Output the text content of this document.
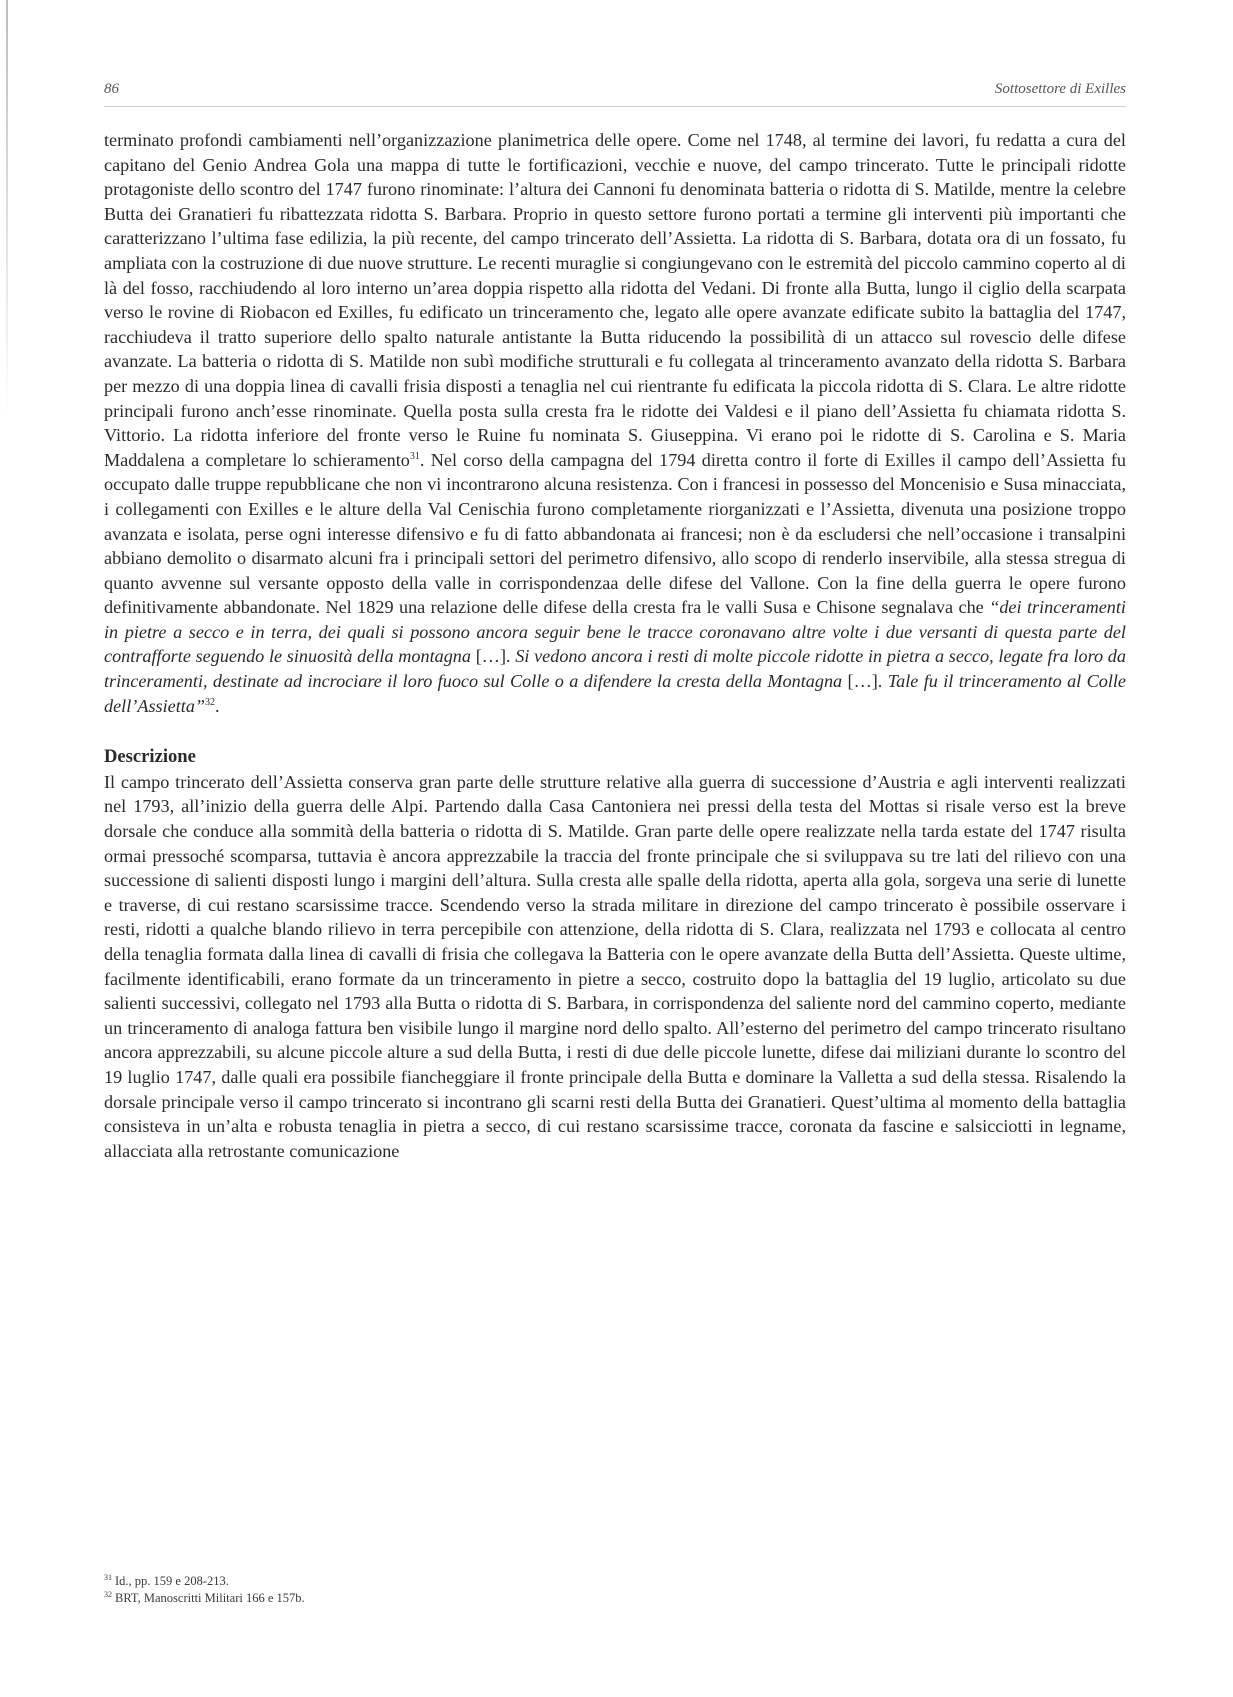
86	Sottosettore di Exilles

terminato profondi cambiamenti nell’organizzazione planimetrica delle opere. Come nel 1748, al termine dei lavori, fu redatta a cura del capitano del Genio Andrea Gola una mappa di tutte le fortificazioni, vecchie e nuove, del campo trincerato. Tutte le principali ridotte protagoniste dello scontro del 1747 furono rinominate: l’altura dei Cannoni fu denominata batteria o ridotta di S. Matilde, mentre la celebre Butta dei Granatieri fu ribattezzata ridotta S. Barbara. Proprio in questo settore furono portati a termine gli interventi più importanti che caratterizzano l’ultima fase edilizia, la più recente, del campo trincerato dell’Assietta. La ridotta di S. Barbara, dotata ora di un fossato, fu ampliata con la costruzione di due nuove strutture. Le recenti muraglie si congiungevano con le estremità del piccolo cammino coperto al di là del fosso, racchiudendo al loro interno un’area doppia rispetto alla ridotta del Vedani. Di fronte alla Butta, lungo il ciglio della scarpata verso le rovine di Riobacon ed Exilles, fu edificato un trinceramento che, legato alle opere avanzate edificate subito la battaglia del 1747, racchiudeva il tratto superiore dello spalto naturale antistante la Butta riducendo la possibilità di un attacco sul rovescio delle difese avanzate. La batteria o ridotta di S. Matilde non subì modifiche strutturali e fu collegata al trinceramento avanzato della ridotta S. Barbara per mezzo di una doppia linea di cavalli frisia disposti a tenaglia nel cui rientrante fu edificata la piccola ridotta di S. Clara. Le altre ridotte principali furono anch’esse rinominate. Quella posta sulla cresta fra le ridotte dei Valdesi e il piano dell’Assietta fu chiamata ridotta S. Vittorio. La ridotta inferiore del fronte verso le Ruine fu nominata S. Giuseppina. Vi erano poi le ridotte di S. Carolina e S. Maria Maddalena a completare lo schieramento$^{31}$. Nel corso della campagna del 1794 diretta contro il forte di Exilles il campo dell’Assietta fu occupato dalle truppe repubblicane che non vi incontrarono alcuna resistenza. Con i francesi in possesso del Moncenisio e Susa minacciata, i collegamenti con Exilles e le alture della Val Cenischia furono completamente riorganizzati e l’Assietta, divenuta una posizione troppo avanzata e isolata, perse ogni interesse difensivo e fu di fatto abbandonata ai francesi; non è da escludersi che nell’occasione i transalpini abbiano demolito o disarmato alcuni fra i principali settori del perimetro difensivo, allo scopo di renderlo inservibile, alla stessa stregua di quanto avvenne sul versante opposto della valle in corrispondenzaa delle difese del Vallone. Con la fine della guerra le opere furono definitivamente abbandonate. Nel 1829 una relazione delle difese della cresta fra le valli Susa e Chisone segnalava che “dei trinceramenti in pietre a secco e in terra, dei quali si possono ancora seguir bene le tracce coronavano altre volte i due versanti di questa parte del contrafforte seguendo le sinuosità della montagna […]. Si vedono ancora i resti di molte piccole ridotte in pietra a secco, legate fra loro da trinceramenti, destinate ad incrociare il loro fuoco sul Colle o a difendere la cresta della Montagna […]. Tale fu il trinceramento al Colle dell’Assietta”$^{32}$.

Descrizione

Il campo trincerato dell’Assietta conserva gran parte delle strutture relative alla guerra di successione d’Austria e agli interventi realizzati nel 1793, all’inizio della guerra delle Alpi. Partendo dalla Casa Cantoniera nei pressi della testa del Mottas si risale verso est la breve dorsale che conduce alla sommità della batteria o ridotta di S. Matilde. Gran parte delle opere realizzate nella tarda estate del 1747 risulta ormai pressoché scomparsa, tuttavia è ancora apprezzabile la traccia del fronte principale che si sviluppava su tre lati del rilievo con una successione di salienti disposti lungo i margini dell’altura. Sulla cresta alle spalle della ridotta, aperta alla gola, sorgeva una serie di lunette e traverse, di cui restano scarsissime tracce. Scendendo verso la strada militare in direzione del campo trincerato è possibile osservare i resti, ridotti a qualche blando rilievo in terra percepibile con attenzione, della ridotta di S. Clara, realizzata nel 1793 e collocata al centro della tenaglia formata dalla linea di cavalli di frisia che collegava la Batteria con le opere avanzate della Butta dell’Assietta. Queste ultime, facilmente identificabili, erano formate da un trinceramento in pietre a secco, costruito dopo la battaglia del 19 luglio, articolato su due salienti successivi, collegato nel 1793 alla Butta o ridotta di S. Barbara, in corrispondenza del saliente nord del cammino coperto, mediante un trinceramento di analoga fattura ben visibile lungo il margine nord dello spalto. All’esterno del perimetro del campo trincerato risultano ancora apprezzabili, su alcune piccole alture a sud della Butta, i resti di due delle piccole lunette, difese dai miliziani durante lo scontro del 19 luglio 1747, dalle quali era possibile fiancheggiare il fronte principale della Butta e dominare la Valletta a sud della stessa. Risalendo la dorsale principale verso il campo trincerato si incontrano gli scarni resti della Butta dei Granatieri. Quest’ultima al momento della battaglia consisteva in un’alta e robusta tenaglia in pietra a secco, di cui restano scarsissime tracce, coronata da fascine e salsicciotti in legname, allacciata alla retrostante comunicazione

$^{31}$ Id., pp. 159 e 208-213.
$^{32}$ BRT, Manoscritti Militari 166 e 157b.
